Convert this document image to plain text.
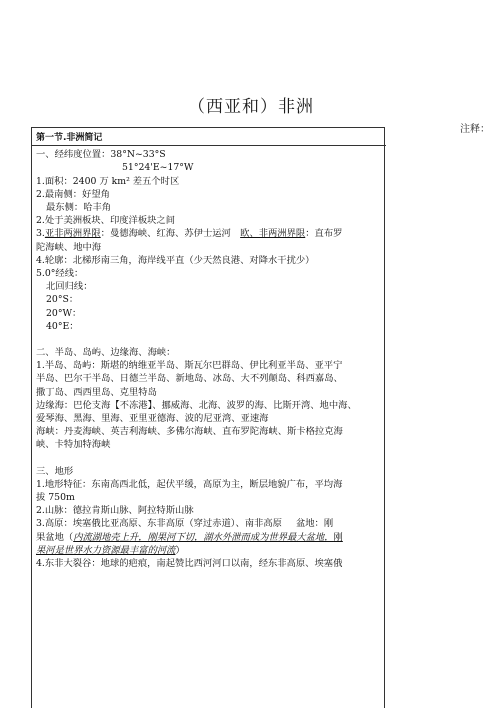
（西亚和）非洲
注释：
第一节.非洲简记
一、经纬度位置：38°N~33°S
51°24'E~17°W
1.面积：2400 万 km² 差五个时区
2.最南侧：好望角
最东侧：哈丰角
2.处于美洲板块、印度洋板块之间
3.亚非两洲界限：曼德海峡、红海、苏伊士运河　欧、非两洲界限：直布罗
陀海峡、地中海
4.轮廓：北梯形南三角，海岸线平直（少天然良港、对降水干扰少）
5.0°经线：
北回归线：
20°S：
20°W：
40°E：
二、半岛、岛屿、边缘海、海峡：
1.半岛、岛屿：斯堪的纳维亚半岛、斯瓦尔巴群岛、伊比利亚半岛、亚平宁
半岛、巴尔干半岛、日德兰半岛、新地岛、冰岛、大不列颠岛、科西嘉岛、
撒丁岛、西西里岛、克里特岛
边缘海：巴伦支海【不冻港】、挪威海、北海、波罗的海、比斯开湾、地中海、
爱琴海、黑海、里海、亚里亚德海、波的尼亚湾、亚速海
海峡：丹麦海峡、英吉利海峡、多佛尔海峡、直布罗陀海峡、斯卡格拉克海
峡、卡特加特海峡
三、地形
1.地形特征：东南高西北低，起伏平缓，高原为主，断层地貌广布，平均海
拔 750m
2.山脉：德拉肯斯山脉、阿拉特斯山脉
3.高原：埃塞俄比亚高原、东非高原（穿过赤道）、南非高原 盆地：刚
果盆地（内流湖地壳上升，刚果河下切，湖水外泄而成为世界最大盆地，刚
果河是世界水力资源最丰富的河流）
4.东非大裂谷：地球的疤痕，南起赞比西河河口以南，经东非高原、埃塞俄
